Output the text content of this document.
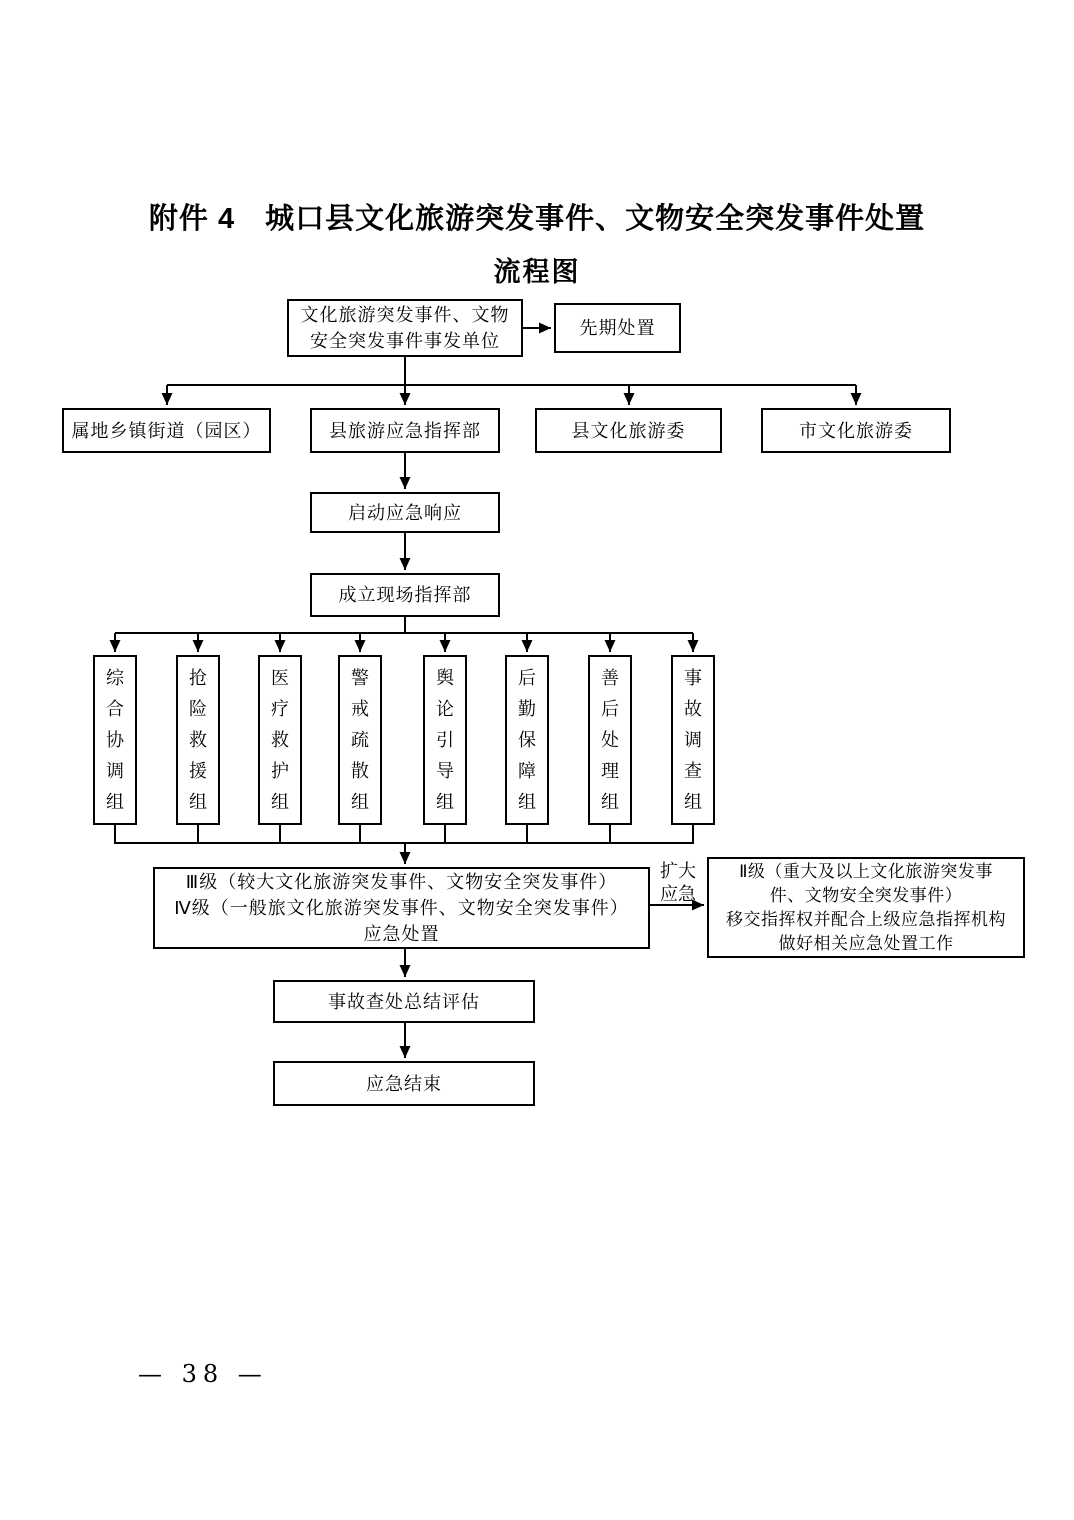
附件 4　城口县文化旅游突发事件、文物安全突发事件处置
流程图
文化旅游突发事件、文物
安全突发事件事发单位
先期处置
属地乡镇街道（园区）	县旅游应急指挥部	县文化旅游委	市文化旅游委
启动应急响应
成立现场指挥部
综合协调组
抢险救援组
医疗救护组
警戒疏散组
舆论引导组
后勤保障组
善后处理组
事故调查组
Ⅲ级（较大文化旅游突发事件、文物安全突发事件）
Ⅳ级（一般旅文化旅游突发事件、文物安全突发事件）
应急处置
扩大
应急
Ⅱ级（重大及以上文化旅游突发事
件、文物安全突发事件）
移交指挥权并配合上级应急指挥机构
做好相关应急处置工作
事故查处总结评估
应急结束
— 38 —
